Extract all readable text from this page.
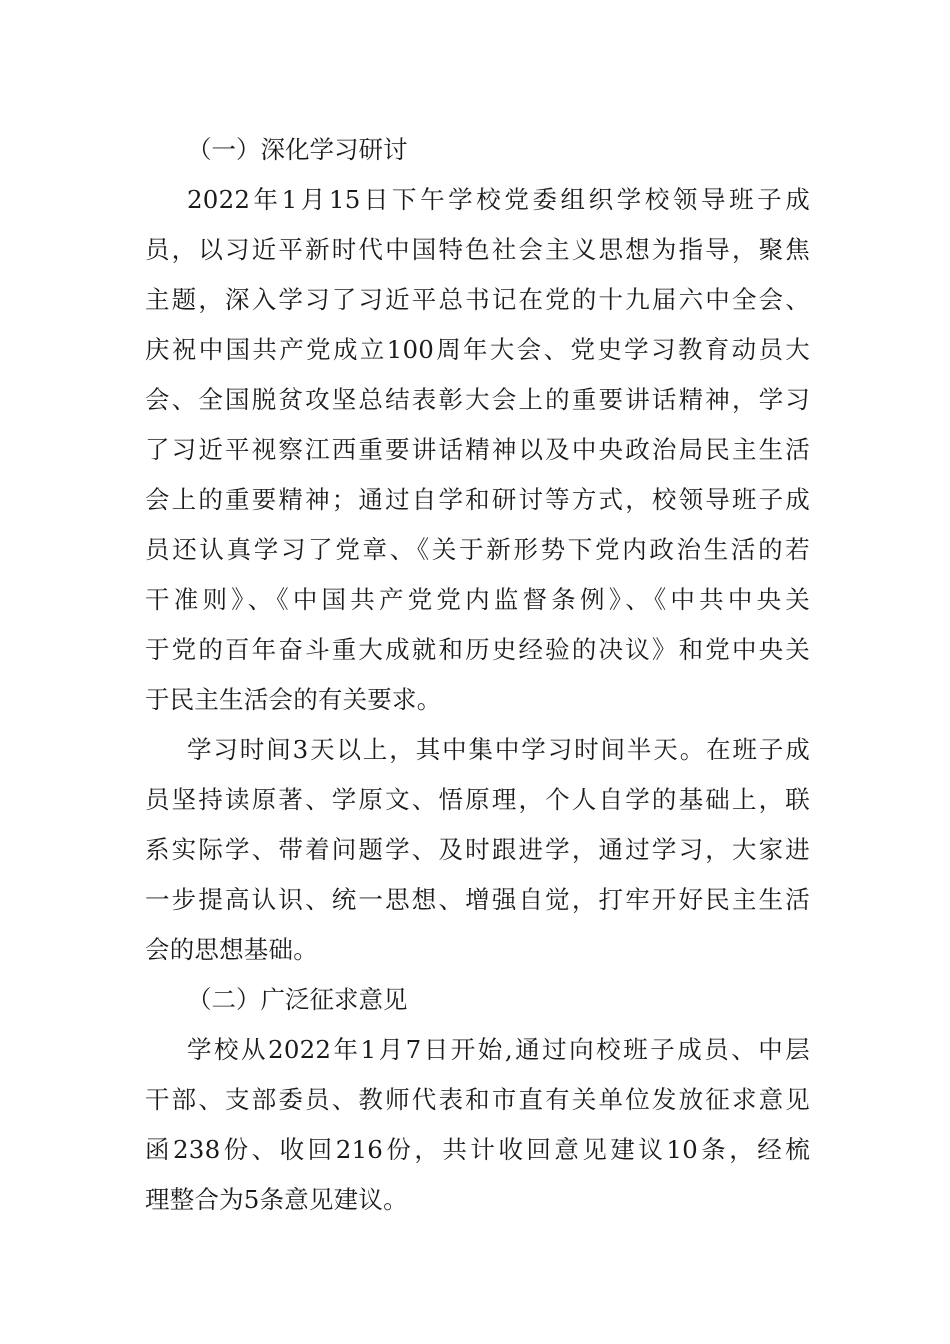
（一）深化学习研讨
2022年1月15日下午学校党委组织学校领导班子成
员，以习近平新时代中国特色社会主义思想为指导，聚焦
主题，深入学习了习近平总书记在党的十九届六中全会、
庆祝中国共产党成立100周年大会、党史学习教育动员大
会、全国脱贫攻坚总结表彰大会上的重要讲话精神，学习
了习近平视察江西重要讲话精神以及中央政治局民主生活
会上的重要精神；通过自学和研讨等方式，校领导班子成
员还认真学习了党章、《关于新形势下党内政治生活的若
干准则》、《中国共产党党内监督条例》、《中共中央关
于党的百年奋斗重大成就和历史经验的决议》和党中央关
于民主生活会的有关要求。
学习时间3天以上，其中集中学习时间半天。在班子成
员坚持读原著、学原文、悟原理，个人自学的基础上，联
系实际学、带着问题学、及时跟进学，通过学习，大家进
一步提高认识、统一思想、增强自觉，打牢开好民主生活
会的思想基础。
（二）广泛征求意见
学校从2022年1月7日开始,通过向校班子成员、中层
干部、支部委员、教师代表和市直有关单位发放征求意见
函238份、收回216份，共计收回意见建议10条，经梳
理整合为5条意见建议。
